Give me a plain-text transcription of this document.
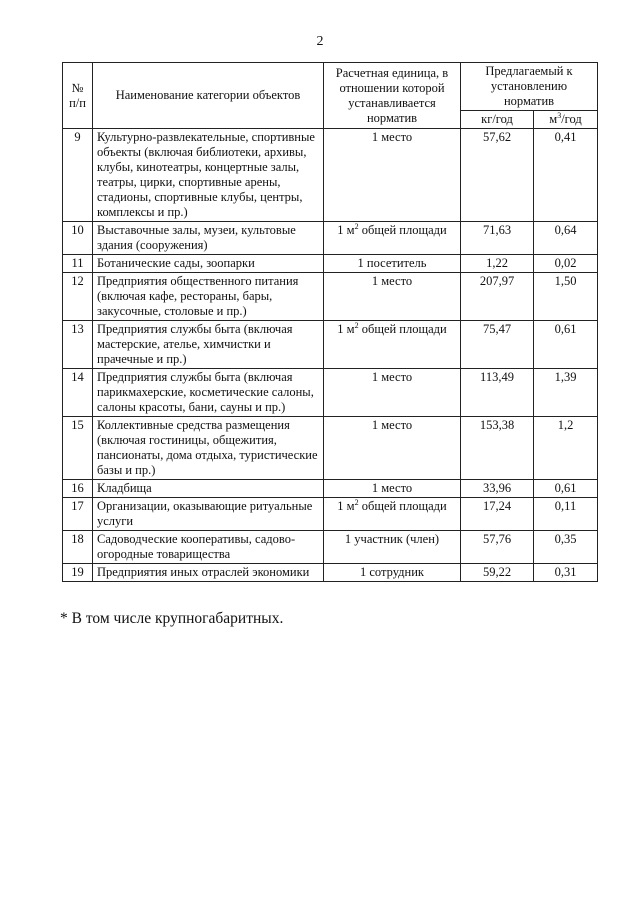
2
№ п/п	Наименование категории объектов	Расчетная единица, в отношении которой устанавливается норматив	Предлагаемый к установлению норматив	
			кг/год	$м^3$/год
9	Культурно-развлекательные, спортивные объекты (включая библиотеки, архивы, клубы, кинотеатры, концертные залы, театры, цирки, спортивные арены, стадионы, спортивные клубы, центры, комплексы и пр.)	1 место	57,62	0,41
10	Выставочные залы, музеи, культовые здания (сооружения)	1 $м^2$ общей площади	71,63	0,64
11	Ботанические сады, зоопарки	1 посетитель	1,22	0,02
12	Предприятия общественного питания (включая кафе, рестораны, бары, закусочные, столовые и пр.)	1 место	207,97	1,50
13	Предприятия службы быта (включая мастерские, ателье, химчистки и прачечные и пр.)	1 $м^2$ общей площади	75,47	0,61
14	Предприятия службы быта (включая парикмахерские, косметические салоны, салоны красоты, бани, сауны и пр.)	1 место	113,49	1,39
15	Коллективные средства размещения (включая гостиницы, общежития, пансионаты, дома отдыха, туристические базы и пр.)	1 место	153,38	1,2
16	Кладбища	1 место	33,96	0,61
17	Организации, оказывающие ритуальные услуги	1 $м^2$ общей площади	17,24	0,11
18	Садоводческие кооперативы, садово-огородные товарищества	1 участник (член)	57,76	0,35
19	Предприятия иных отраслей экономики	1 сотрудник	59,22	0,31
* В том числе крупногабаритных.
